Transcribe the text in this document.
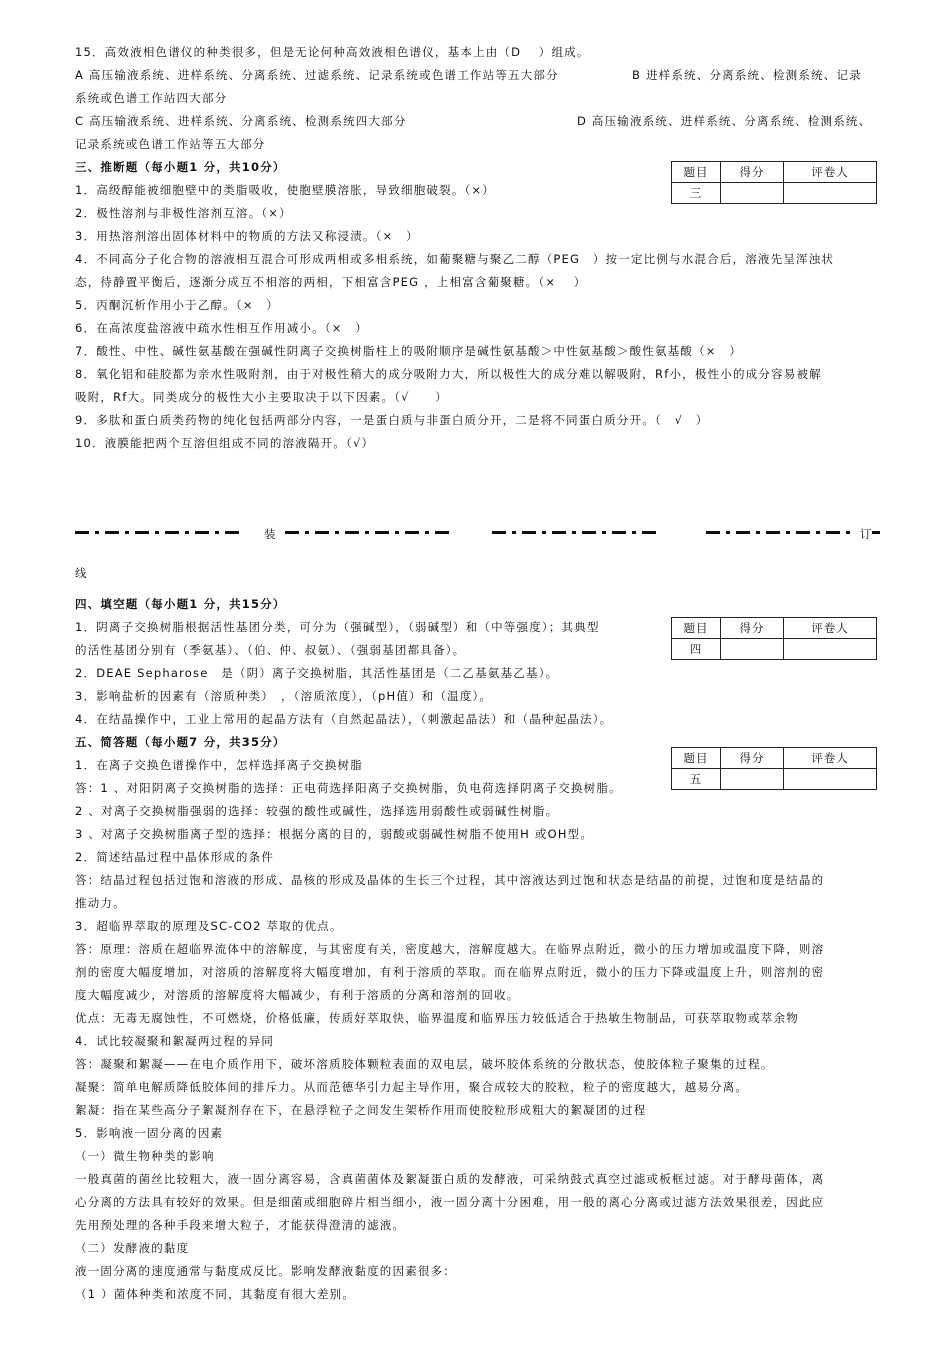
15．高效液相色谱仪的种类很多，但是无论何种高效液相色谱仪，基本上由（D　 ）组成。
A 高压输液系统、进样系统、分离系统、过滤系统、记录系统或色谱工作站等五大部分	B 进样系统、分离系统、检测系统、记录
系统或色谱工作站四大部分
C 高压输液系统、进样系统、分离系统、检测系统四大部分	D 高压输液系统、进样系统、分离系统、检测系统、
记录系统或色谱工作站等五大部分
三、推断题（每小题1 分，共10分）	题目	得分	评卷人
三		
1．高级醇能被细胞壁中的类脂吸收，使胞壁膜溶胀，导致细胞破裂。（×）
2．极性溶剂与非极性溶剂互溶。（×）
3．用热溶剂溶出固体材料中的物质的方法又称浸渍。（×　）
4．不同高分子化合物的溶液相互混合可形成两相或多相系统，如葡聚糖与聚乙二醇（PEG　）按一定比例与水混合后，溶液先呈浑浊状
态，待静置平衡后，逐渐分成互不相溶的两相，下相富含PEG ，上相富含葡聚糖。（×　 ）
5．丙酮沉析作用小于乙醇。（×　）
6．在高浓度盐溶液中疏水性相互作用减小。（×　）
7．酸性、中性、碱性氨基酸在强碱性阴离子交换树脂柱上的吸附顺序是碱性氨基酸＞中性氨基酸＞酸性氨基酸（×　）
8．氧化铝和硅胶都为亲水性吸附剂，由于对极性稍大的成分吸附力大，所以极性大的成分难以解吸附，Rf小，极性小的成分容易被解
吸附，Rf大。同类成分的极性大小主要取决于以下因素。（√　　）
9．多肽和蛋白质类药物的纯化包括两部分内容，一是蛋白质与非蛋白质分开，二是将不同蛋白质分开。（　√　）
10．液膜能把两个互溶但组成不同的溶液隔开。（√）
装	订
线
四、填空题（每小题1 分，共15分）
题目	得分	评卷人
四		
1．阴离子交换树脂根据活性基团分类，可分为（强碱型），（弱碱型）和（中等强度）；其典型
的活性基团分别有（季氨基）、（伯、仲、叔氨）、（强弱基团都具备）。
2．DEAE Sepharose　是（阴）离子交换树脂，其活性基团是（二乙基氨基乙基）。
3．影响盐析的因素有（溶质种类）　，（溶质浓度），（pH值）和（温度）。
4．在结晶操作中，工业上常用的起晶方法有（自然起晶法），（刺激起晶法）和（晶种起晶法）。
五、简答题（每小题7 分，共35分）
题目	得分	评卷人
五		
1．在离子交换色谱操作中，怎样选择离子交换树脂
答：1 、对阳阴离子交换树脂的选择：正电荷选择阳离子交换树脂，负电荷选择阴离子交换树脂。
2 、对离子交换树脂强弱的选择：较强的酸性或碱性，选择选用弱酸性或弱碱性树脂。
3 、对离子交换树脂离子型的选择：根据分离的目的，弱酸或弱碱性树脂不使用H 或OH型。
2．简述结晶过程中晶体形成的条件
答：结晶过程包括过饱和溶液的形成、晶核的形成及晶体的生长三个过程，其中溶液达到过饱和状态是结晶的前提，过饱和度是结晶的
推动力。
3．超临界萃取的原理及SC-CO2 萃取的优点。
答：原理：溶质在超临界流体中的溶解度，与其密度有关，密度越大，溶解度越大。在临界点附近，微小的压力增加或温度下降，则溶
剂的密度大幅度增加，对溶质的溶解度将大幅度增加，有利于溶质的萃取。而在临界点附近，微小的压力下降或温度上升，则溶剂的密
度大幅度减少，对溶质的溶解度将大幅减少，有利于溶质的分离和溶剂的回收。
优点：无毒无腐蚀性，不可燃烧，价格低廉，传质好萃取快，临界温度和临界压力较低适合于热敏生物制品，可获萃取物或萃余物
4．试比较凝聚和絮凝两过程的异同
答：凝聚和絮凝——在电介质作用下，破坏溶质胶体颗粒表面的双电层，破坏胶体系统的分散状态，使胶体粒子聚集的过程。
凝聚：简单电解质降低胶体间的排斥力。从而范德华引力起主导作用，聚合成较大的胶粒，粒子的密度越大，越易分离。
絮凝：指在某些高分子絮凝剂存在下，在悬浮粒子之间发生架桥作用而使胶粒形成粗大的絮凝团的过程
5．影响液一固分离的因素
（一）微生物种类的影响
一般真菌的菌丝比较粗大，液一固分离容易，含真菌菌体及絮凝蛋白质的发酵液，可采纳鼓式真空过滤或板框过滤。对于酵母菌体，离
心分离的方法具有较好的效果。但是细菌或细胞碎片相当细小，液一固分离十分困难，用一般的离心分离或过滤方法效果很差，因此应
先用预处理的各种手段来增大粒子，才能获得澄清的滤液。
（二）发酵液的黏度
液一固分离的速度通常与黏度成反比。影响发酵液黏度的因素很多：
（1 ）菌体种类和浓度不同，其黏度有很大差别。
